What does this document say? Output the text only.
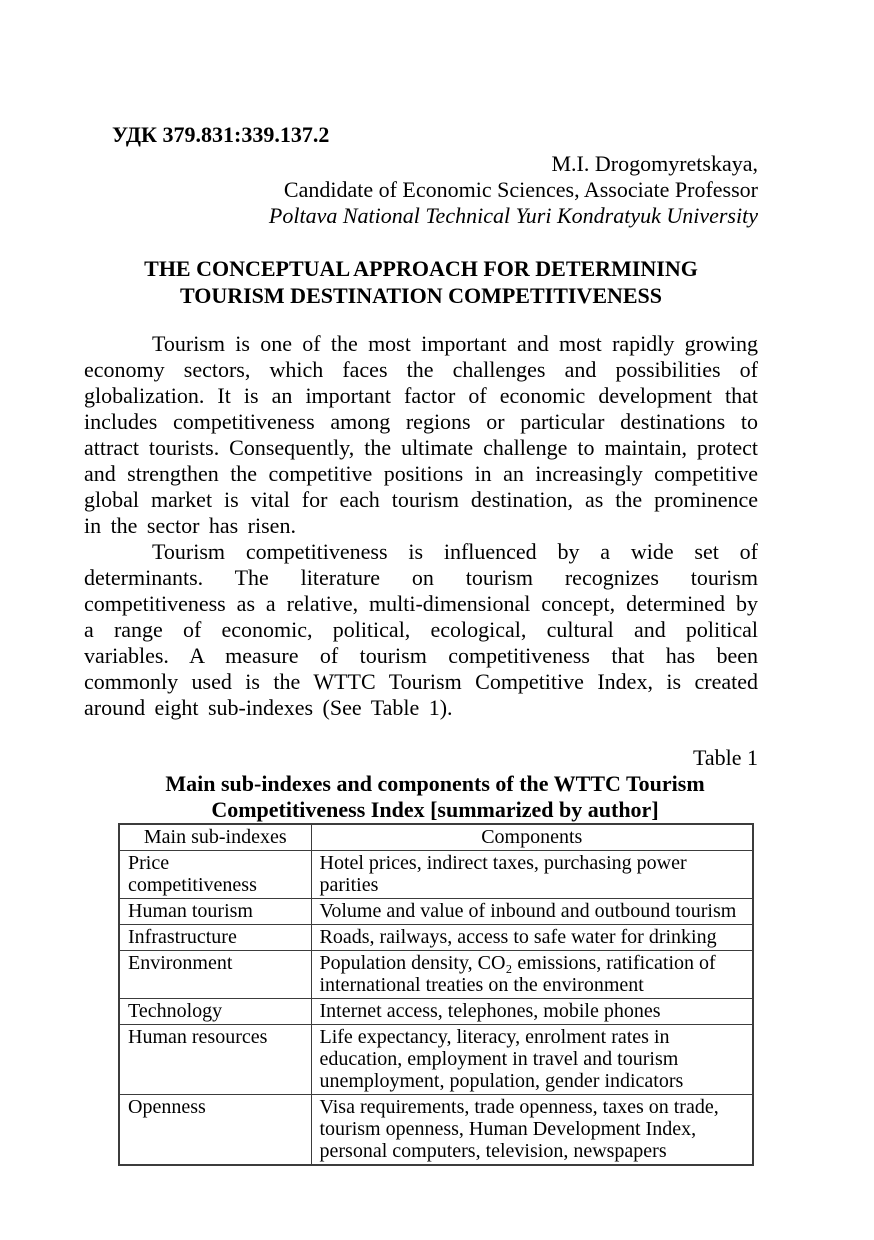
УДК 379.831:339.137.2
M.I. Drogomyretskaya,
Candidate of Economic Sciences, Associate Professor
Poltava National Technical Yuri Kondratyuk University
THE CONCEPTUAL APPROACH FOR DETERMINING
TOURISM DESTINATION COMPETITIVENESS

Tourism is one of the most important and most rapidly growing economy sectors, which faces the challenges and possibilities of globalization. It is an important factor of economic development that includes competitiveness among regions or particular destinations to attract tourists. Consequently, the ultimate challenge to maintain, protect and strengthen the competitive positions in an increasingly competitive global market is vital for each tourism destination, as the prominence in the sector has risen.

Tourism competitiveness is influenced by a wide set of determinants. The literature on tourism recognizes tourism competitiveness as a relative, multi-dimensional concept, determined by a range of economic, political, ecological, cultural and political variables. A measure of tourism competitiveness that has been commonly used is the WTTC Tourism Competitive Index, is created around eight sub-indexes (See Table 1).

Table 1
Main sub-indexes and components of the WTTC Tourism Competitiveness Index [summarized by author]
Main sub-indexes	Components
Price competitiveness	Hotel prices, indirect taxes, purchasing power parities
Human tourism	Volume and value of inbound and outbound tourism
Infrastructure	Roads, railways, access to safe water for drinking
Environment	Population density, CO₂ emissions, ratification of international treaties on the environment
Technology	Internet access, telephones, mobile phones
Human resources	Life expectancy, literacy, enrolment rates in education, employment in travel and tourism unemployment, population, gender indicators
Openness	Visa requirements, trade openness, taxes on trade, tourism openness, Human Development Index, personal computers, television, newspapers
